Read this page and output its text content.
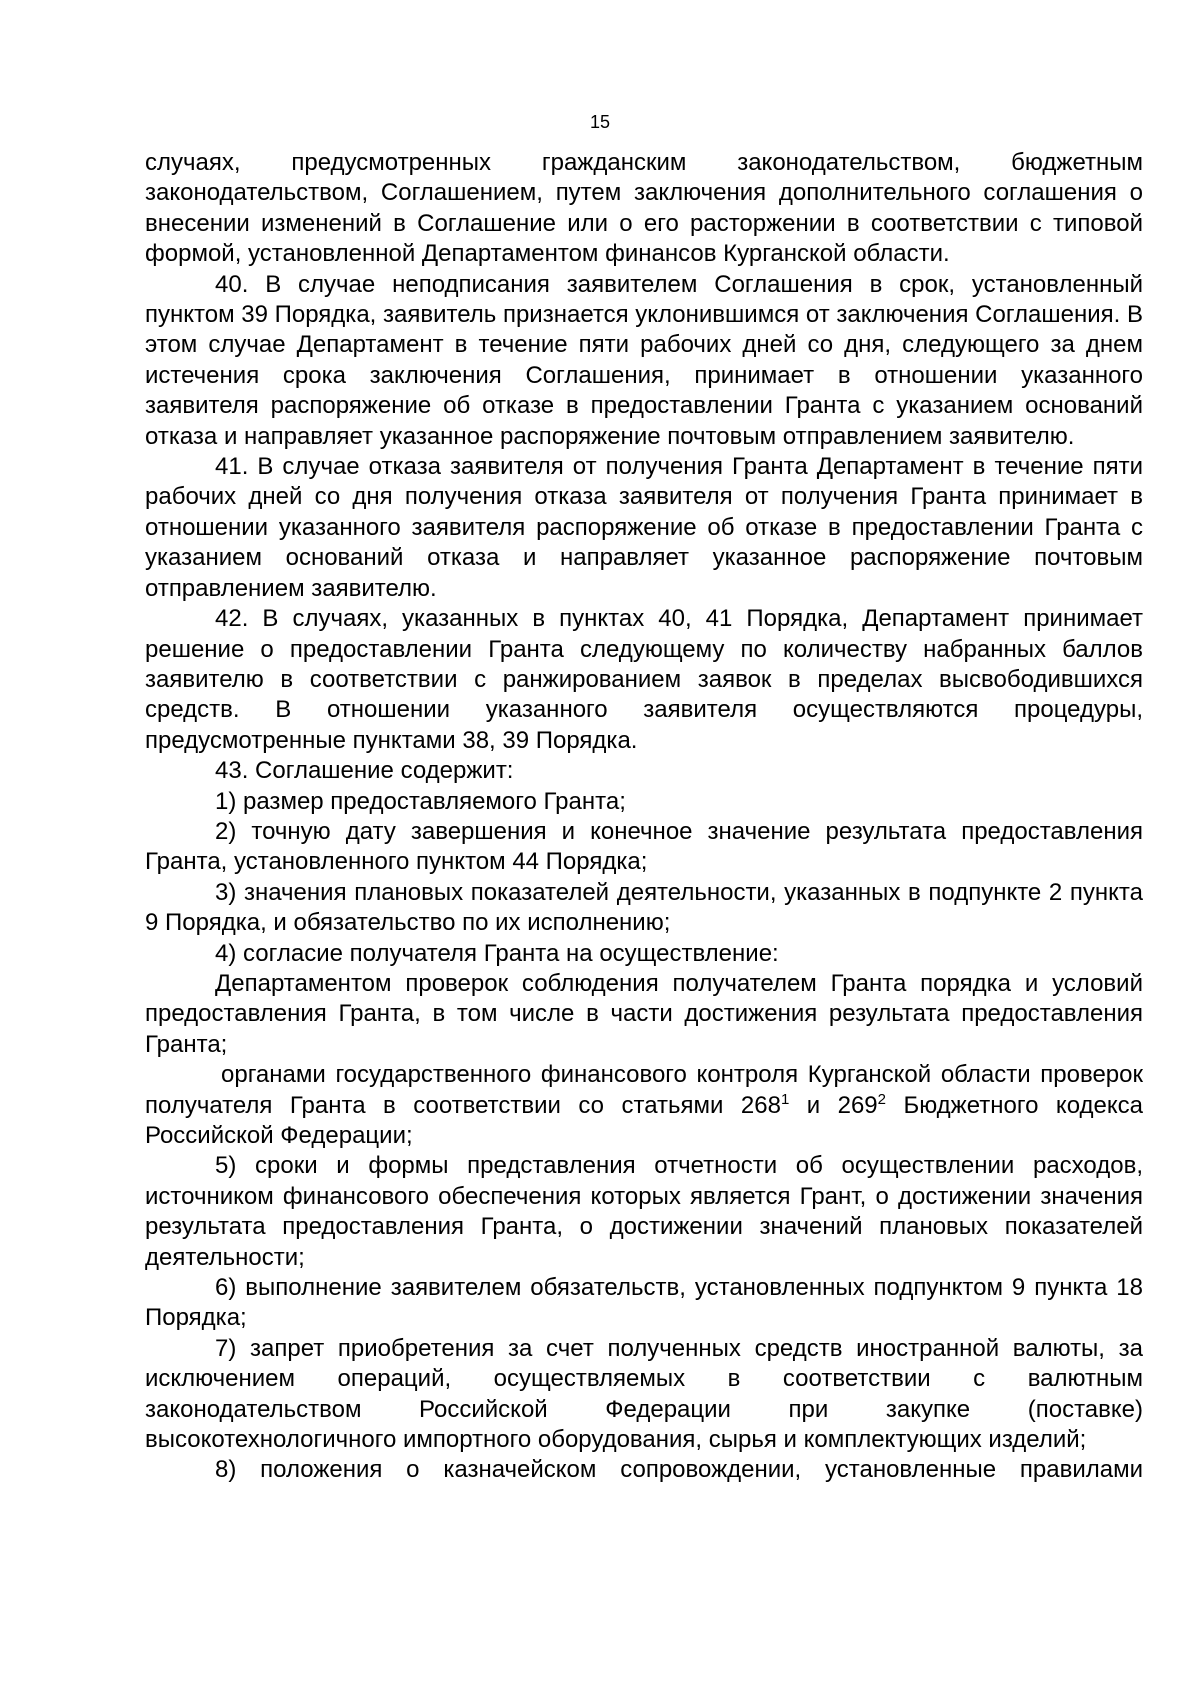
15

случаях, предусмотренных гражданским законодательством, бюджетным законодательством, Соглашением, путем заключения дополнительного соглашения о внесении изменений в Соглашение или о его расторжении в соответствии с типовой формой, установленной Департаментом финансов Курганской области.

40. В случае неподписания заявителем Соглашения в срок, установленный пунктом 39 Порядка, заявитель признается уклонившимся от заключения Соглашения. В этом случае Департамент в течение пяти рабочих дней со дня, следующего за днем истечения срока заключения Соглашения, принимает в отношении указанного заявителя распоряжение об отказе в предоставлении Гранта с указанием оснований отказа и направляет указанное распоряжение почтовым отправлением заявителю.

41. В случае отказа заявителя от получения Гранта Департамент в течение пяти рабочих дней со дня получения отказа заявителя от получения Гранта принимает в отношении указанного заявителя распоряжение об отказе в предоставлении Гранта с указанием оснований отказа и направляет указанное распоряжение почтовым отправлением заявителю.

42. В случаях, указанных в пунктах 40, 41 Порядка, Департамент принимает решение о предоставлении Гранта следующему по количеству набранных баллов заявителю в соответствии с ранжированием заявок в пределах высвободившихся средств. В отношении указанного заявителя осуществляются процедуры, предусмотренные пунктами 38, 39 Порядка.

43. Соглашение содержит:

1) размер предоставляемого Гранта;

2) точную дату завершения и конечное значение результата предоставления Гранта, установленного пунктом 44 Порядка;

3) значения плановых показателей деятельности, указанных в подпункте 2 пункта 9 Порядка, и обязательство по их исполнению;

4) согласие получателя Гранта на осуществление:

Департаментом проверок соблюдения получателем Гранта порядка и условий предоставления Гранта, в том числе в части достижения результата предоставления Гранта;

органами государственного финансового контроля Курганской области проверок получателя Гранта в соответствии со статьями $268^1$ и $269^2$ Бюджетного кодекса Российской Федерации;

5) сроки и формы представления отчетности об осуществлении расходов, источником финансового обеспечения которых является Грант, о достижении значения результата предоставления Гранта, о достижении значений плановых показателей деятельности;

6) выполнение заявителем обязательств, установленных подпунктом 9 пункта 18 Порядка;

7) запрет приобретения за счет полученных средств иностранной валюты, за исключением операций, осуществляемых в соответствии с валютным законодательством Российской Федерации при закупке (поставке) высокотехнологичного импортного оборудования, сырья и комплектующих изделий;

8) положения о казначейском сопровождении, установленные правилами
